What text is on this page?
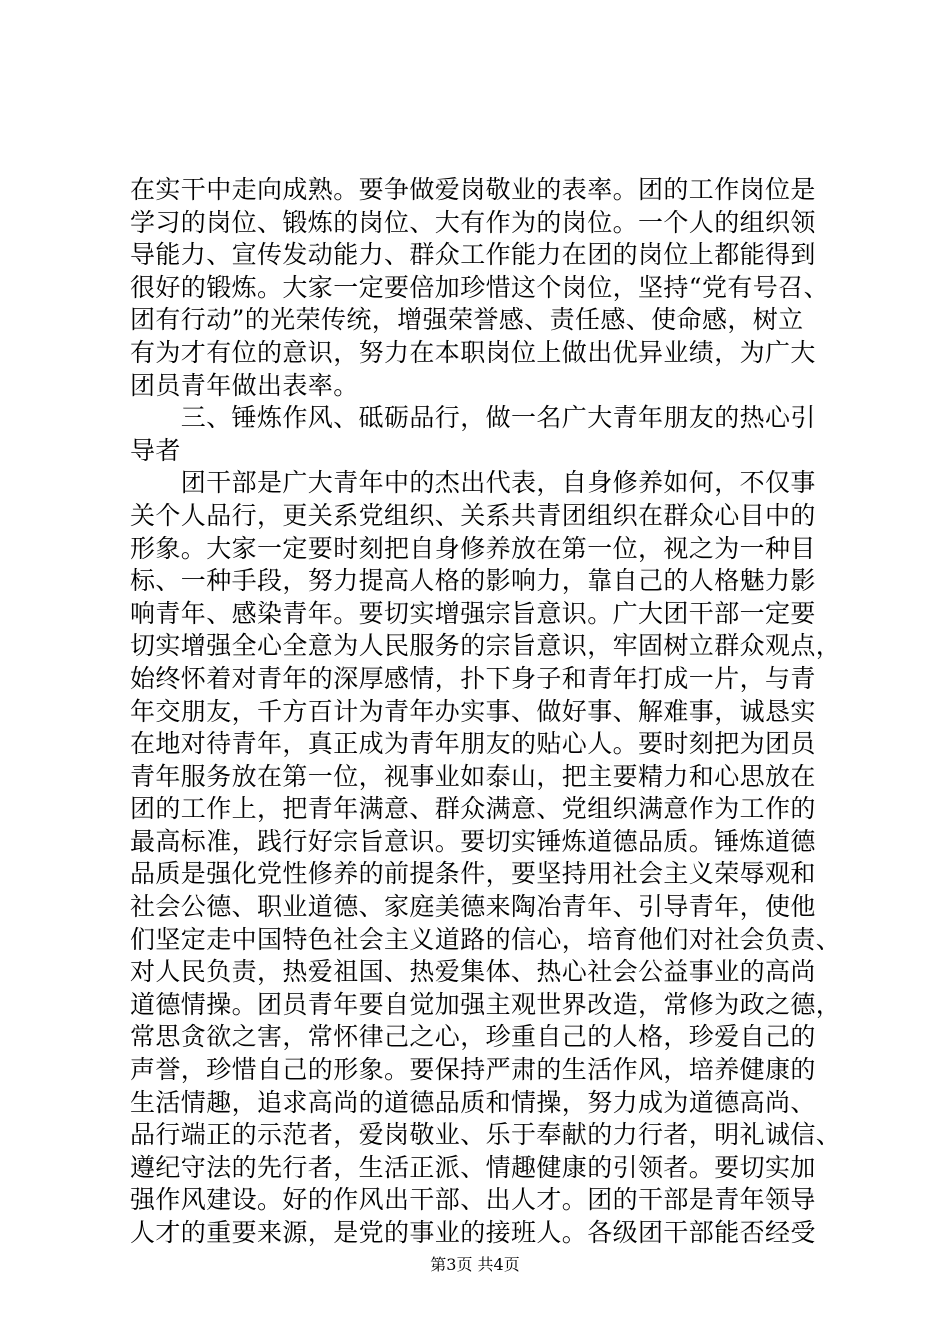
在实干中走向成熟。要争做爱岗敬业的表率。团的工作岗位是
学习的岗位、锻炼的岗位、大有作为的岗位。一个人的组织领
导能力、宣传发动能力、群众工作能力在团的岗位上都能得到
很好的锻炼。大家一定要倍加珍惜这个岗位，坚持“党有号召、
团有行动”的光荣传统，增强荣誉感、责任感、使命感，树立
有为才有位的意识，努力在本职岗位上做出优异业绩，为广大
团员青年做出表率。
　　三、锤炼作风、砥砺品行，做一名广大青年朋友的热心引
导者
　　团干部是广大青年中的杰出代表，自身修养如何，不仅事
关个人品行，更关系党组织、关系共青团组织在群众心目中的
形象。大家一定要时刻把自身修养放在第一位，视之为一种目
标、一种手段，努力提高人格的影响力，靠自己的人格魅力影
响青年、感染青年。要切实增强宗旨意识。广大团干部一定要
切实增强全心全意为人民服务的宗旨意识，牢固树立群众观点，
始终怀着对青年的深厚感情，扑下身子和青年打成一片，与青
年交朋友，千方百计为青年办实事、做好事、解难事，诚恳实
在地对待青年，真正成为青年朋友的贴心人。要时刻把为团员
青年服务放在第一位，视事业如泰山，把主要精力和心思放在
团的工作上，把青年满意、群众满意、党组织满意作为工作的
最高标准，践行好宗旨意识。要切实锤炼道德品质。锤炼道德
品质是强化党性修养的前提条件，要坚持用社会主义荣辱观和
社会公德、职业道德、家庭美德来陶冶青年、引导青年，使他
们坚定走中国特色社会主义道路的信心，培育他们对社会负责、
对人民负责，热爱祖国、热爱集体、热心社会公益事业的高尚
道德情操。团员青年要自觉加强主观世界改造，常修为政之德，
常思贪欲之害，常怀律己之心，珍重自己的人格，珍爱自己的
声誉，珍惜自己的形象。要保持严肃的生活作风，培养健康的
生活情趣，追求高尚的道德品质和情操，努力成为道德高尚、
品行端正的示范者，爱岗敬业、乐于奉献的力行者，明礼诚信、
遵纪守法的先行者，生活正派、情趣健康的引领者。要切实加
强作风建设。好的作风出干部、出人才。团的干部是青年领导
人才的重要来源，是党的事业的接班人。各级团干部能否经受
第3页 共4页
